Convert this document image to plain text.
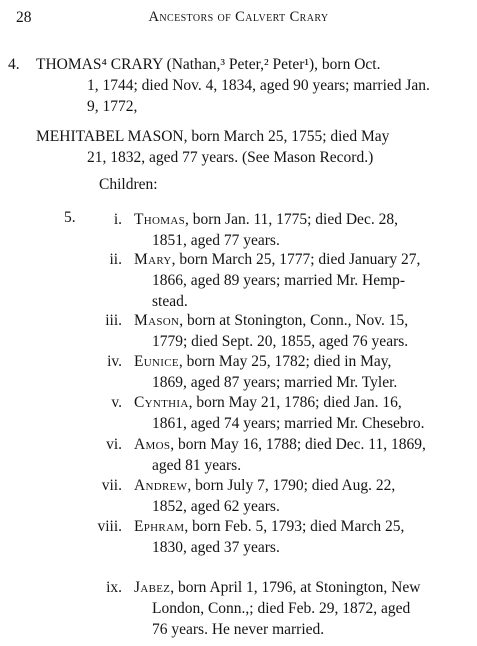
28	Ancestors of Calvert Crary
4. THOMAS⁴ CRARY (Nathan,³ Peter,² Peter¹), born Oct.
1, 1744; died Nov. 4, 1834, aged 90 years; married Jan.
9, 1772,
MEHITABEL MASON, born March 25, 1755; died May
21, 1832, aged 77 years. (See Mason Record.)
Children:
5.	i. Thomas, born Jan. 11, 1775; died Dec. 28,
1851, aged 77 years.
ii. Mary, born March 25, 1777; died January 27,
1866, aged 89 years; married Mr. Hemp-
stead.
iii. Mason, born at Stonington, Conn., Nov. 15,
1779; died Sept. 20, 1855, aged 76 years.
iv. Eunice, born May 25, 1782; died in May,
1869, aged 87 years; married Mr. Tyler.
v. Cynthia, born May 21, 1786; died Jan. 16,
1861, aged 74 years; married Mr. Chesebro.
vi. Amos, born May 16, 1788; died Dec. 11, 1869,
aged 81 years.
vii. Andrew, born July 7, 1790; died Aug. 22,
1852, aged 62 years.
viii. Ephram, born Feb. 5, 1793; died March 25,
1830, aged 37 years.
ix. Jabez, born April 1, 1796, at Stonington, New
London, Conn.,; died Feb. 29, 1872, aged
76 years. He never married.
